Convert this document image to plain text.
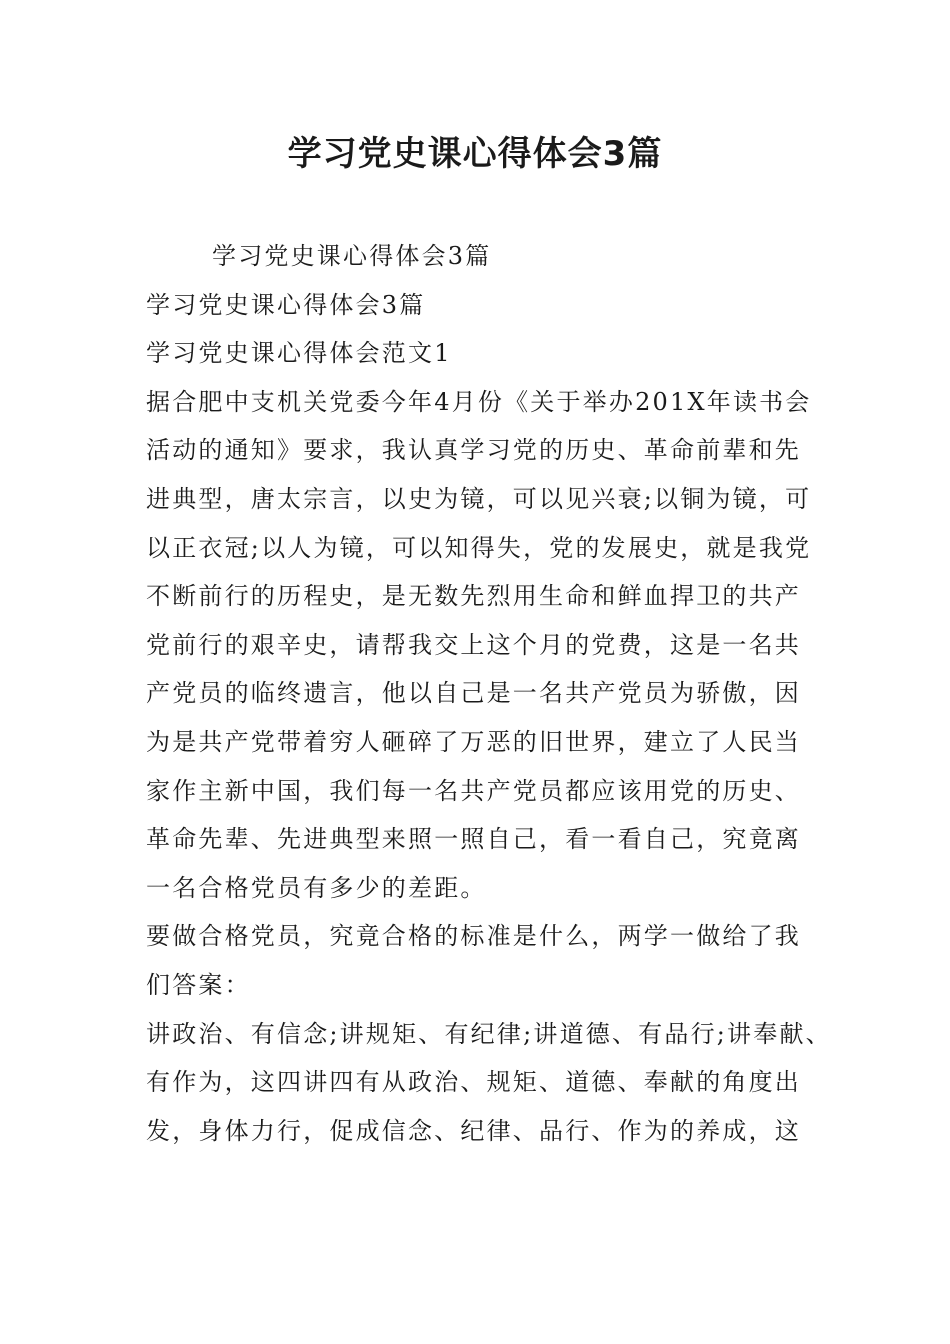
学习党史课心得体会3篇
学习党史课心得体会3篇
学习党史课心得体会3篇
学习党史课心得体会范文1
据合肥中支机关党委今年4月份《关于举办201X年读书会
活动的通知》要求，我认真学习党的历史、革命前辈和先
进典型，唐太宗言，以史为镜，可以见兴衰;以铜为镜，可
以正衣冠;以人为镜，可以知得失，党的发展史，就是我党
不断前行的历程史，是无数先烈用生命和鲜血捍卫的共产
党前行的艰辛史，请帮我交上这个月的党费，这是一名共
产党员的临终遗言，他以自己是一名共产党员为骄傲，因
为是共产党带着穷人砸碎了万恶的旧世界，建立了人民当
家作主新中国，我们每一名共产党员都应该用党的历史、
革命先辈、先进典型来照一照自己，看一看自己，究竟离
一名合格党员有多少的差距。
要做合格党员，究竟合格的标准是什么，两学一做给了我
们答案：
讲政治、有信念;讲规矩、有纪律;讲道德、有品行;讲奉献、
有作为，这四讲四有从政治、规矩、道德、奉献的角度出
发，身体力行，促成信念、纪律、品行、作为的养成，这
